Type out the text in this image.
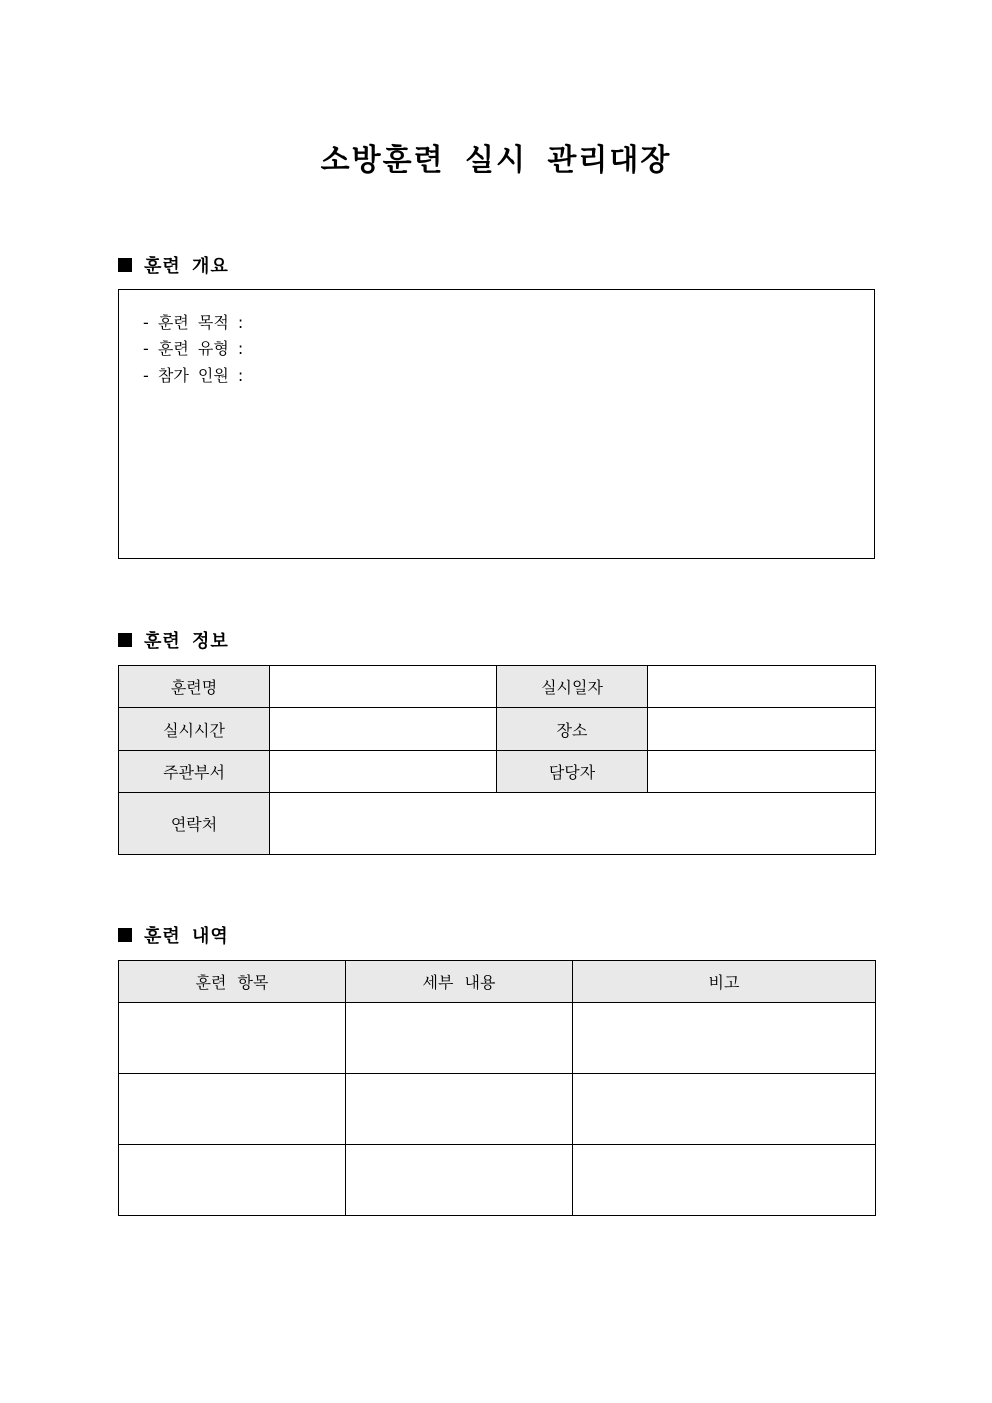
소방훈련 실시 관리대장
훈련 개요
- 훈련 목적 :
- 훈련 유형 :
- 참가 인원 :
훈련 정보
훈련명		실시일자	
실시시간		장소	
주관부서		담당자	
연락처			
훈련 내역
훈련 항목	세부 내용	비고
